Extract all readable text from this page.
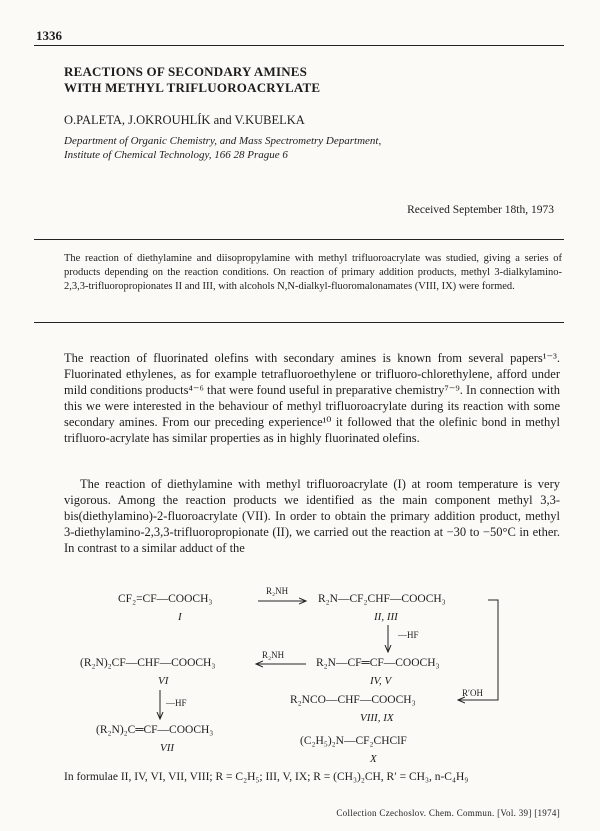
1336
REACTIONS OF SECONDARY AMINES
WITH METHYL TRIFLUOROACRYLATE
O.PALETA, J.OKROUHLÍK and V.KUBELKA
Department of Organic Chemistry, and Mass Spectrometry Department,
Institute of Chemical Technology, 166 28 Prague 6
Received September 18th, 1973
The reaction of diethylamine and diisopropylamine with methyl trifluoroacrylate was studied, giving a series of products depending on the reaction conditions. On reaction of primary addition products, methyl 3-dialkylamino-2,3,3-trifluoropropionates II and III, with alcohols N,N-dialkyl-fluoromalonamates (VIII, IX) were formed.
The reaction of fluorinated olefins with secondary amines is known from several papers¹⁻³. Fluorinated ethylenes, as for example tetrafluoroethylene or trifluoro-chlorethylene, afford under mild conditions products⁴⁻⁶ that were found useful in preparative chemistry⁷⁻⁹. In connection with this we were interested in the behaviour of methyl trifluoroacrylate during its reaction with some secondary amines. From our preceding experience¹⁰ it followed that the olefinic bond in methyl trifluoro-acrylate has similar properties as in highly fluorinated olefins.
The reaction of diethylamine with methyl trifluoroacrylate (I) at room temperature is very vigorous. Among the reaction products we identified as the main component methyl 3,3-bis(diethylamino)-2-fluoroacrylate (VII). In order to obtain the primary addition product, methyl 3-diethylamino-2,3,3-trifluoropropionate (II), we carried out the reaction at −30 to −50°C in ether. In contrast to a similar adduct of the
CF₂=CF—COOCH₃
I
R₂NH
R₂N—CF₂CHF—COOCH₃
II, III
—HF
(R₂N)₂CF—CHF—COOCH₃
VI
R₂NH
R₂N—CF═CF—COOCH₃
IV, V
—HF	R₂NCO—CHF—COOCH₃
VIII, IX
R′OH
(R₂N)₂C═CF—COOCH₃
VII
(C₂H₅)₂N—CF₂CHClF
X
In formulae II, IV, VI, VII, VIII; R = C₂H₅; III, V, IX; R = (CH₃)₂CH, R′ = CH₃, n-C₄H₉
Collection Czechoslov. Chem. Commun. [Vol. 39] [1974]
